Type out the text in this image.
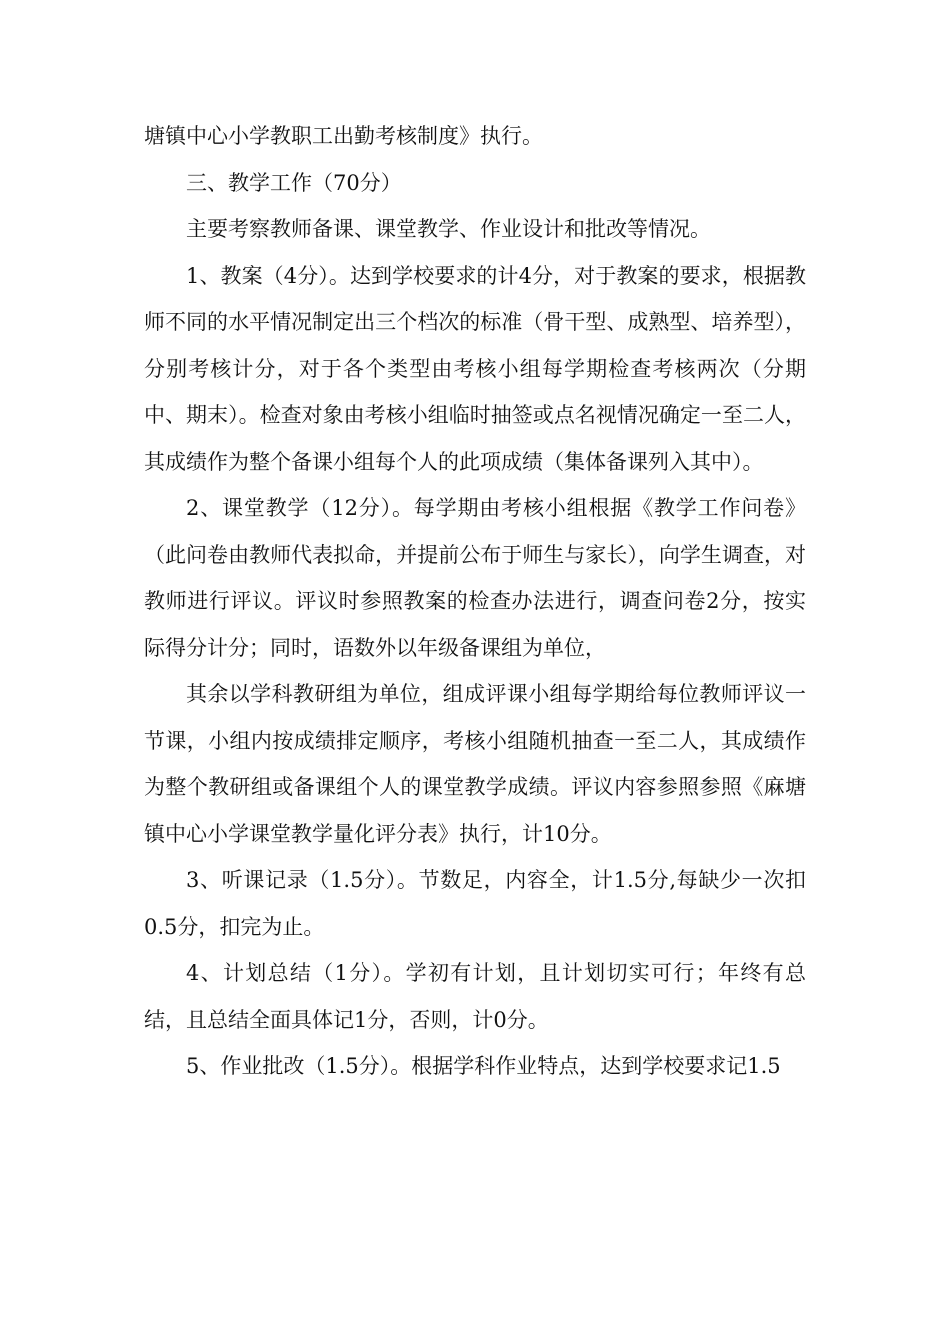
塘镇中心小学教职工出勤考核制度》执行。

三、教学工作（70分）

主要考察教师备课、课堂教学、作业设计和批改等情况。

1、教案（4分）。达到学校要求的计4分，对于教案的要求，根据教师不同的水平情况制定出三个档次的标准（骨干型、成熟型、培养型），分别考核计分，对于各个类型由考核小组每学期检查考核两次（分期中、期末）。检查对象由考核小组临时抽签或点名视情况确定一至二人，其成绩作为整个备课小组每个人的此项成绩（集体备课列入其中）。

2、课堂教学（12分）。每学期由考核小组根据《教学工作问卷》（此问卷由教师代表拟命，并提前公布于师生与家长），向学生调查，对教师进行评议。评议时参照教案的检查办法进行，调查问卷2分，按实际得分计分；同时，语数外以年级备课组为单位，

其余以学科教研组为单位，组成评课小组每学期给每位教师评议一节课，小组内按成绩排定顺序，考核小组随机抽查一至二人，其成绩作为整个教研组或备课组个人的课堂教学成绩。评议内容参照参照《麻塘镇中心小学课堂教学量化评分表》执行，计10分。

3、听课记录（1.5分）。节数足，内容全，计1.5分,每缺少一次扣0.5分，扣完为止。

4、计划总结（1分）。学初有计划，且计划切实可行；年终有总结，且总结全面具体记1分，否则，计0分。

5、作业批改（1.5分）。根据学科作业特点，达到学校要求记1.5
